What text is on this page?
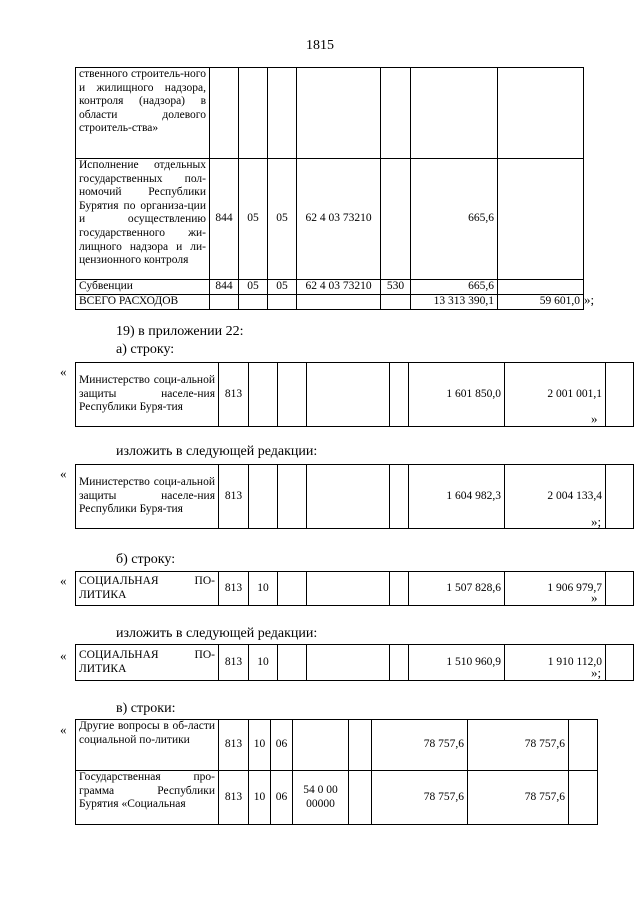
1815
ственного строитель-ного и жилищного надзора, контроля (надзора) в области долевого строитель-ства»							
Исполнение отдельных государственных пол-номочий Республики Бурятия по организа-ции и осуществлению государственного жи-лищного надзора и ли-цензионного контроля	844	05	05	62 4 03 73210		665,6	
Субвенции	844	05	05	62 4 03 73210	530	665,6	
ВСЕГО РАСХОДОВ						13 313 390,1	59 601,0 »;
19) в приложении 22:
а) строку:
«
Министерство соци-альной защиты населе-ния Республики Буря-тия	813					1 601 850,0	2 001 001,1	
»
изложить в следующей редакции:
«
Министерство соци-альной защиты населе-ния Республики Буря-тия	813					1 604 982,3	2 004 133,4	
»;
б) строку:
« СОЦИАЛЬНАЯ ПО-ЛИТИКА	813	10				1 507 828,6	1 906 979,7	
»
изложить в следующей редакции:
« СОЦИАЛЬНАЯ ПО-ЛИТИКА	813	10				1 510 960,9	1 910 112,0	
»;
в) строки:
« Другие вопросы в об-ласти социальной по-литики	813	10	06			78 757,6	78 757,6	
Государственная про-грамма Республики Бурятия «Социальная	813	10	06	54 0 00 00000		78 757,6	78 757,6	
